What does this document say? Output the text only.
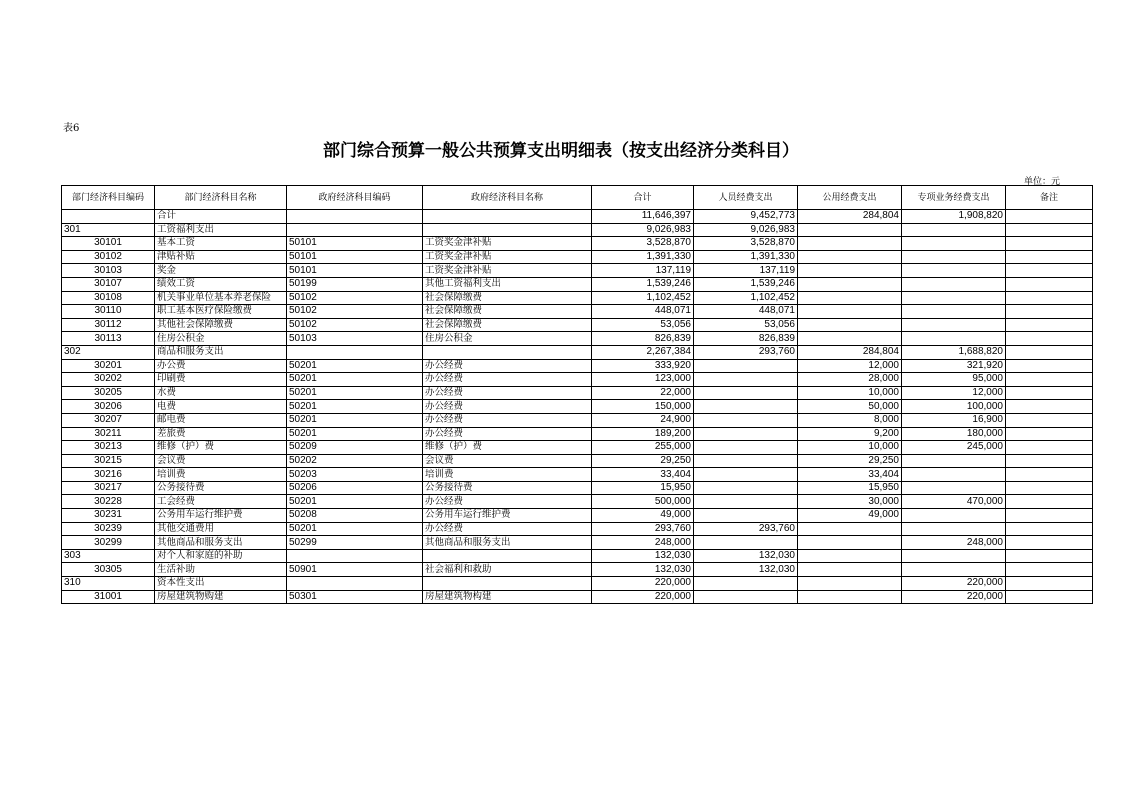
表6
部门综合预算一般公共预算支出明细表（按支出经济分类科目）
单位：元
部门经济科目编码	部门经济科目名称	政府经济科目编码	政府经济科目名称	合计	人员经费支出	公用经费支出	专项业务经费支出	备注
	合计			11,646,397	9,452,773	284,804	1,908,820	
301	工资福利支出			9,026,983	9,026,983			
30101	基本工资	50101	工资奖金津补贴	3,528,870	3,528,870			
30102	津贴补贴	50101	工资奖金津补贴	1,391,330	1,391,330			
30103	奖金	50101	工资奖金津补贴	137,119	137,119			
30107	绩效工资	50199	其他工资福利支出	1,539,246	1,539,246			
30108	机关事业单位基本养老保险	50102	社会保障缴费	1,102,452	1,102,452			
30110	职工基本医疗保险缴费	50102	社会保障缴费	448,071	448,071			
30112	其他社会保障缴费	50102	社会保障缴费	53,056	53,056			
30113	住房公积金	50103	住房公积金	826,839	826,839			
302	商品和服务支出			2,267,384	293,760	284,804	1,688,820	
30201	办公费	50201	办公经费	333,920		12,000	321,920	
30202	印刷费	50201	办公经费	123,000		28,000	95,000	
30205	水费	50201	办公经费	22,000		10,000	12,000	
30206	电费	50201	办公经费	150,000		50,000	100,000	
30207	邮电费	50201	办公经费	24,900		8,000	16,900	
30211	差旅费	50201	办公经费	189,200		9,200	180,000	
30213	维修（护）费	50209	维修（护）费	255,000		10,000	245,000	
30215	会议费	50202	会议费	29,250		29,250		
30216	培训费	50203	培训费	33,404		33,404		
30217	公务接待费	50206	公务接待费	15,950		15,950		
30228	工会经费	50201	办公经费	500,000		30,000	470,000	
30231	公务用车运行维护费	50208	公务用车运行维护费	49,000		49,000		
30239	其他交通费用	50201	办公经费	293,760	293,760			
30299	其他商品和服务支出	50299	其他商品和服务支出	248,000			248,000	
303	对个人和家庭的补助			132,030	132,030			
30305	生活补助	50901	社会福利和救助	132,030	132,030			
310	资本性支出			220,000			220,000	
31001	房屋建筑物购建	50301	房屋建筑物构建	220,000			220,000	
